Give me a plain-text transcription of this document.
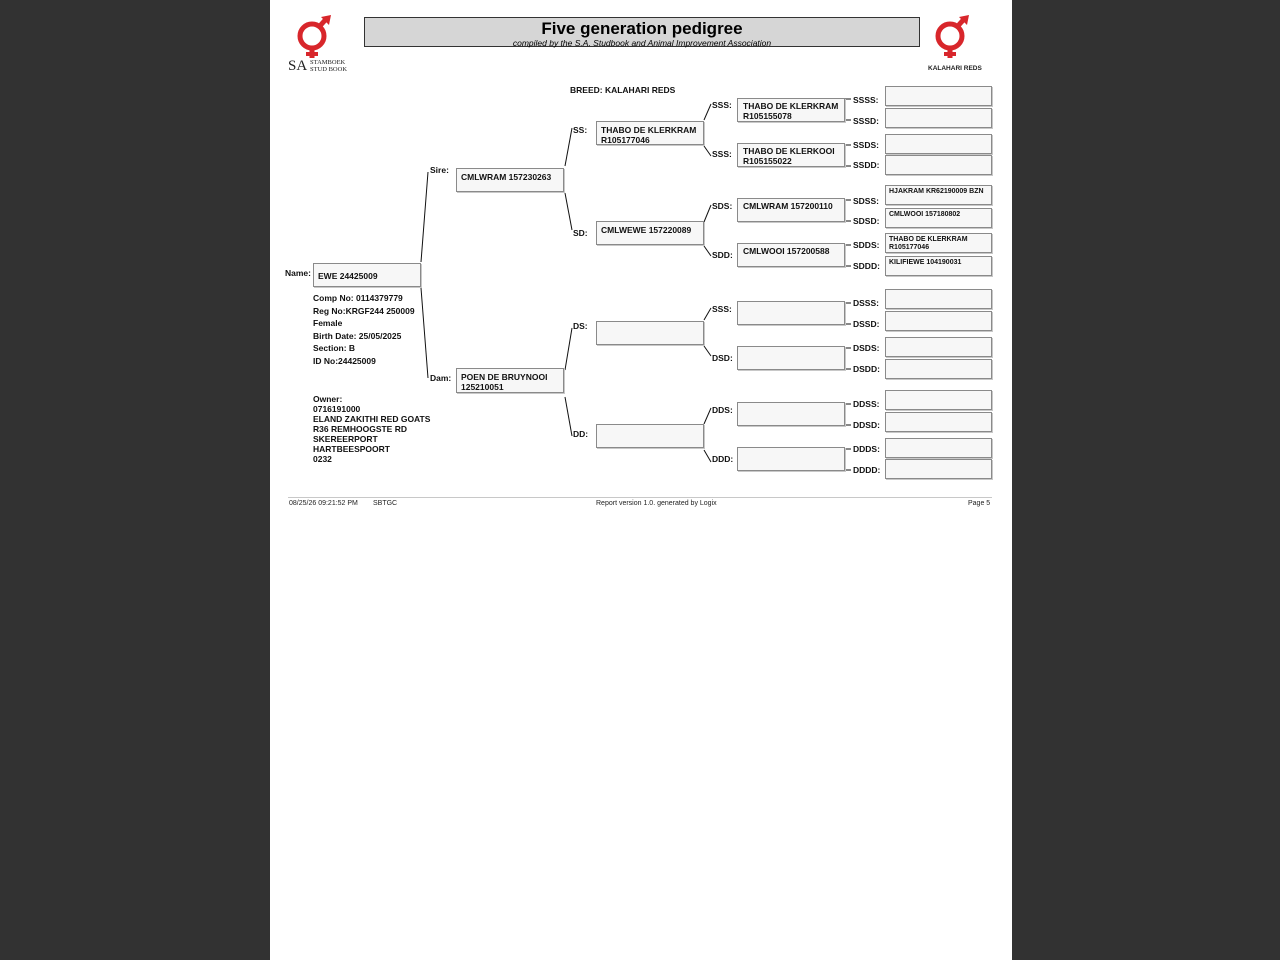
SA STAMBOEK
STUD BOOK
Five generation pedigree
compiled by the S.A. Studbook and Animal Improvement Association
KALAHARI REDS
BREED: KALAHARI REDS
Name: EWE 24425009
Comp No: 0114379779
Reg No:KRGF244 250009
Female
Birth Date: 25/05/2025
Section: B
ID No:24425009
Owner:
0716191000
ELAND ZAKITHI RED GOATS
R36 REMHOOGSTE RD
SKEREERPORT
HARTBEESPOORT
0232
Sire:
CMLWRAM 157230263
Dam:	POEN DE BRUYNOOI 125210051
SS:	THABO DE KLERKRAM R105177046
SD:	CMLWEWE 157220089
DS:
DD:
SSS:	THABO DE KLERKRAM R105155078
SSS:	THABO DE KLERKOOI R105155022
SDS:	CMLWRAM 157200110
SDD:	CMLWOOI 157200588
SSS:
DSD:
DDS:
DDD:
SSSS:
SSSD:
SSDS:
SSDD:
SDSS:
HJAKRAM KR62190009 BZN
SDSD:
CMLWOOI 157180802
SDDS:
THABO DE KLERKRAM R105177046
SDDD:	KILIFIEWE 104190031
DSSS:
DSSD:
DSDS:
DSDD:
DDSS:
DDSD:
DDDS:
DDDD:
08/25/26 09:21:52 PM SBTGC	Report version 1.0. generated by Logix	Page 5
